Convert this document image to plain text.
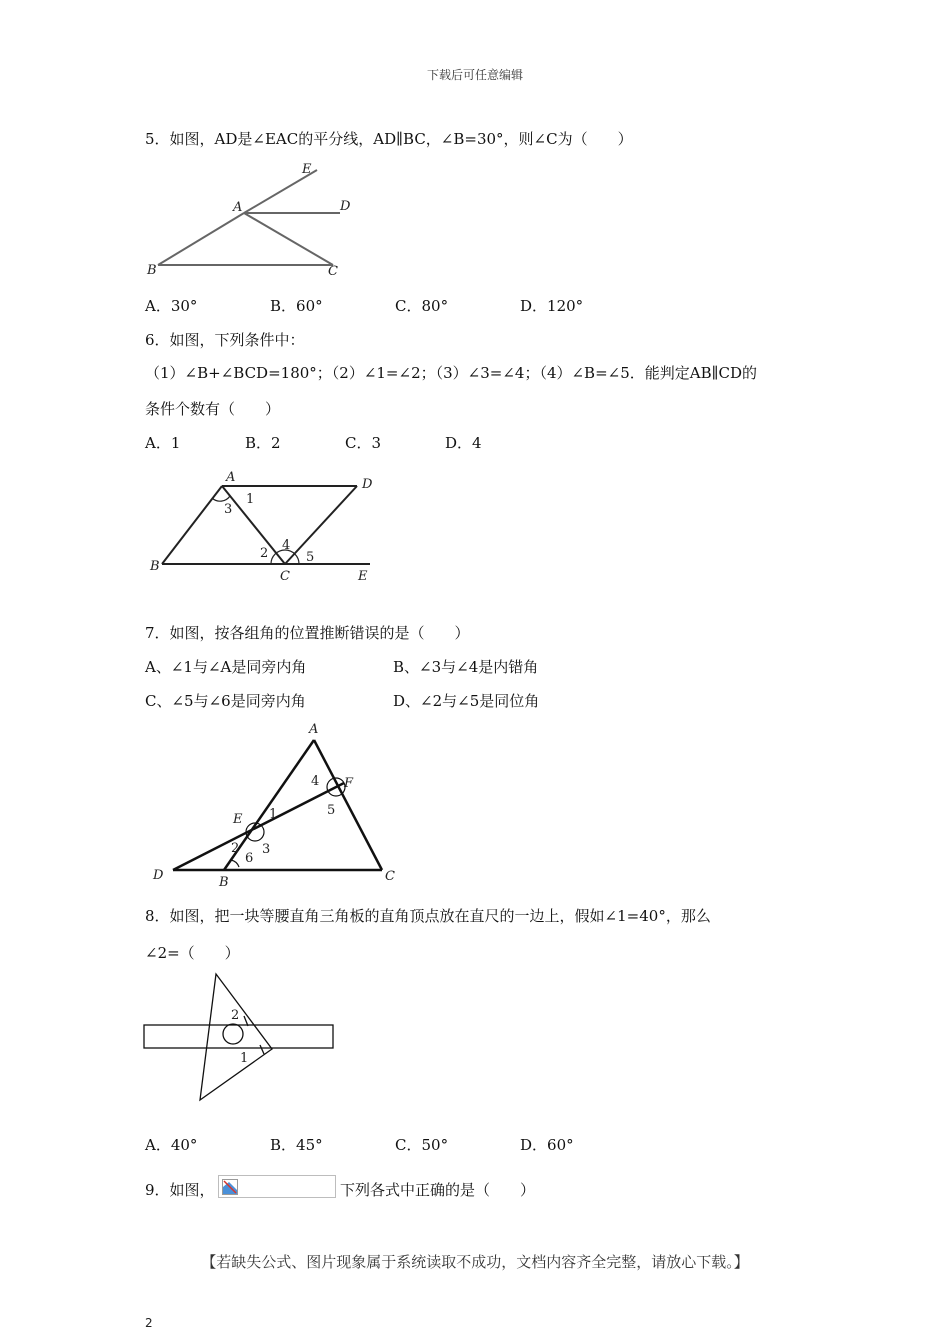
下载后可任意编辑
5．如图，AD是∠EAC的平分线，AD∥BC，∠B=30°，则∠C为（　　）
E
A	D
B	C
A．30°	B．60°	C．80°	D．120°
6．如图，下列条件中：
（1）∠B+∠BCD=180°；（2）∠1=∠2；（3）∠3=∠4；（4）∠B=∠5．能判定AB∥CD的
条件个数有（　　）
A．1	B．2	C．3	D．4
A	D
B
C	E
1
3
2
4
5
7．如图，按各组角的位置推断错误的是（　　）
A、∠1与∠A是同旁内角	B、∠3与∠4是内错角
C、∠5与∠6是同旁内角	D、∠2与∠5是同位角
A
F
E
D	B	C
4
5
1
2 3
6
8．如图，把一块等腰直角三角板的直角顶点放在直尺的一边上，假如∠1=40°，那么
∠2=（　　）
2
1
A．40°	B．45°	C．50°	D．60°
9．如图，	下列各式中正确的是（　　）
【若缺失公式、图片现象属于系统读取不成功，文档内容齐全完整，请放心下载。】
2
